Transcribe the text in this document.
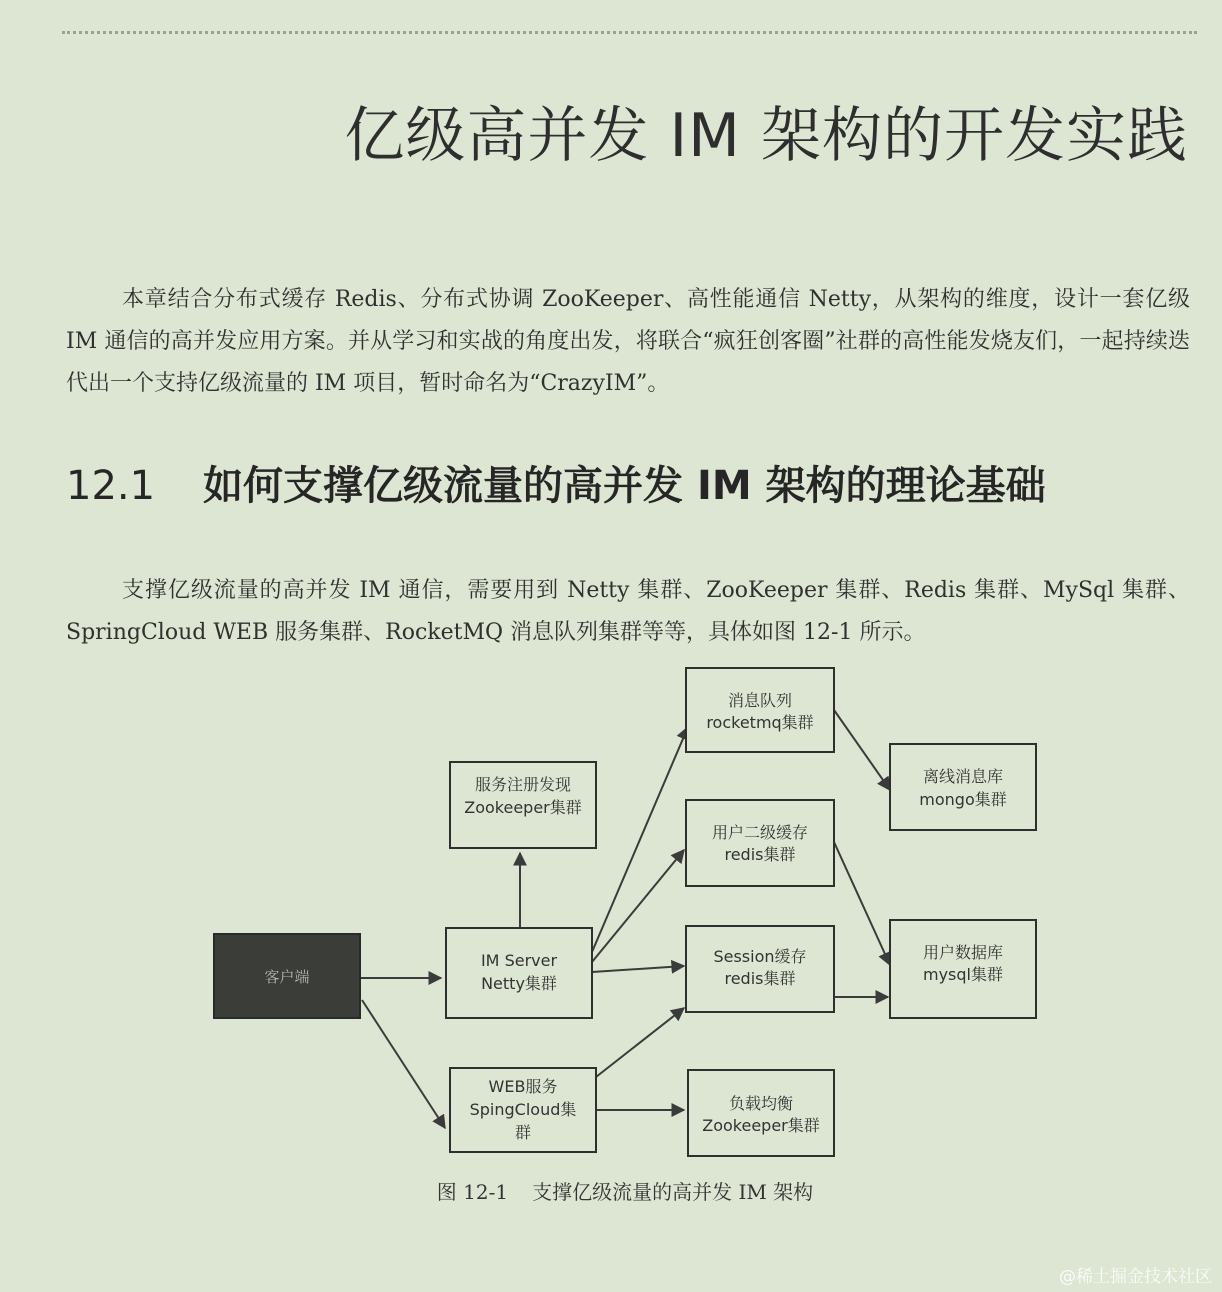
亿级高并发 IM 架构的开发实践

本章结合分布式缓存 Redis、分布式协调 ZooKeeper、高性能通信 Netty，从架构的维度，设计一套亿级 IM 通信的高并发应用方案。并从学习和实战的角度出发，将联合“疯狂创客圈”社群的高性能发烧友们，一起持续迭代出一个支持亿级流量的 IM 项目，暂时命名为“CrazyIM”。

12.1 如何支撑亿级流量的高并发 IM 架构的理论基础

支撑亿级流量的高并发 IM 通信，需要用到 Netty 集群、ZooKeeper 集群、Redis 集群、MySql 集群、SpringCloud WEB 服务集群、RocketMQ 消息队列集群等等，具体如图 12-1 所示。

客户端
IM Server
Netty集群
WEB服务
SpingCloud集
群
服务注册发现
Zookeeper集群
消息队列
rocketmq集群
用户二级缓存
redis集群
Session缓存
redis集群
负载均衡
Zookeeper集群
离线消息库
mongo集群
用户数据库
mysql集群

图 12-1 支撑亿级流量的高并发 IM 架构

@稀土掘金技术社区
